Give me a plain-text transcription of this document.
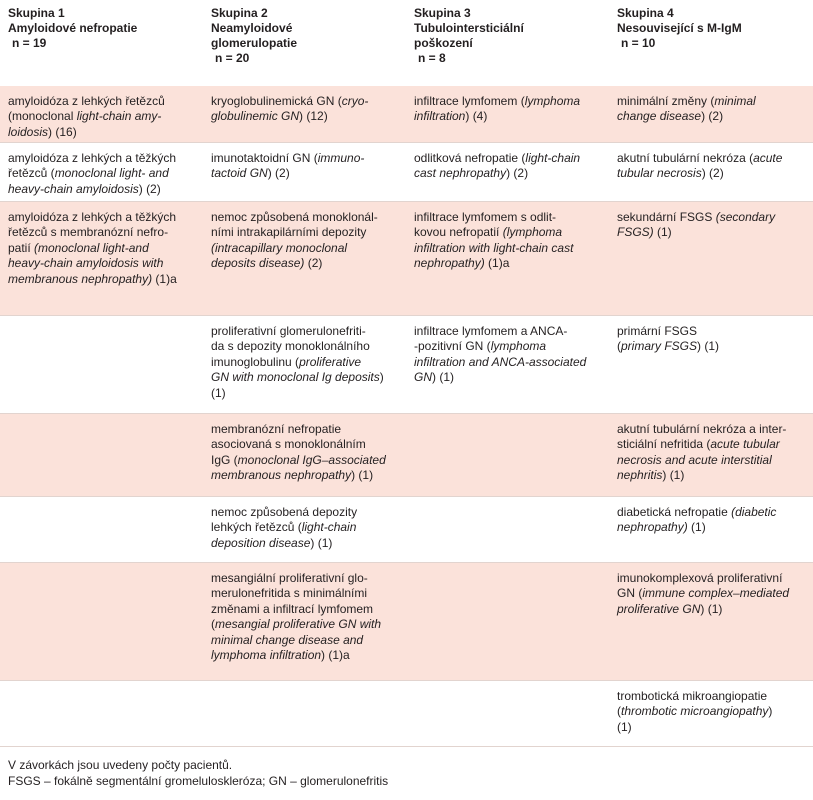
Skupina 1
Amyloidové nefropatie
n = 19
Skupina 2
Neamyloidové
glomerulopatie
n = 20
Skupina 3
Tubulointersticiální
poškození
n = 8
Skupina 4
Nesouvisející s M-IgM
n = 10
amyloidóza z lehkých řetězců
(monoclonal light-chain amy-
loidosis) (16)
kryoglobulinemická GN (cryo-
globulinemic GN) (12)
infiltrace lymfomem (lymphoma
infiltration) (4)
minimální změny (minimal
change disease) (2)
amyloidóza z lehkých a těžkých
řetězců (monoclonal light- and
heavy-chain amyloidosis) (2)
imunotaktoidní GN (immuno-
tactoid GN) (2)
odlitková nefropatie (light-chain
cast nephropathy) (2)
akutní tubulární nekróza (acute
tubular necrosis) (2)
amyloidóza z lehkých a těžkých
řetězců s membranózní nefro-
patií (monoclonal light-and
heavy-chain amyloidosis with
membranous nephropathy) (1)a
nemoc způsobená monoklonál-
ními intrakapilárními depozity
(intracapillary monoclonal
deposits disease) (2)
infiltrace lymfomem s odlit-
kovou nefropatií (lymphoma
infiltration with light-chain cast
nephropathy) (1)a
sekundární FSGS (secondary
FSGS) (1)
proliferativní glomerulonefriti-
da s depozity monoklonálního
imunoglobulinu (proliferative
GN with monoclonal Ig deposits)
(1)
infiltrace lymfomem a ANCA-
-pozitivní GN (lymphoma
infiltration and ANCA-associated
GN) (1)
primární FSGS
(primary FSGS) (1)
membranózní nefropatie
asociovaná s monoklonálním
IgG (monoclonal IgG–associated
membranous nephropathy) (1)
akutní tubulární nekróza a inter-
sticiální nefritida (acute tubular
necrosis and acute interstitial
nephritis) (1)
nemoc způsobená depozity
lehkých řetězců (light-chain
deposition disease) (1)
diabetická nefropatie (diabetic
nephropathy) (1)
mesangiální proliferativní glo-
merulonefritida s minimálními
změnami a infiltrací lymfomem
(mesangial proliferative GN with
minimal change disease and
lymphoma infiltration) (1)a
imunokomplexová proliferativní
GN (immune complex–mediated
proliferative GN) (1)
trombotická mikroangiopatie
(thrombotic microangiopathy)
(1)
V závorkách jsou uvedeny počty pacientů.
FSGS – fokálně segmentální gromeluloskleróza; GN – glomerulonefritis
